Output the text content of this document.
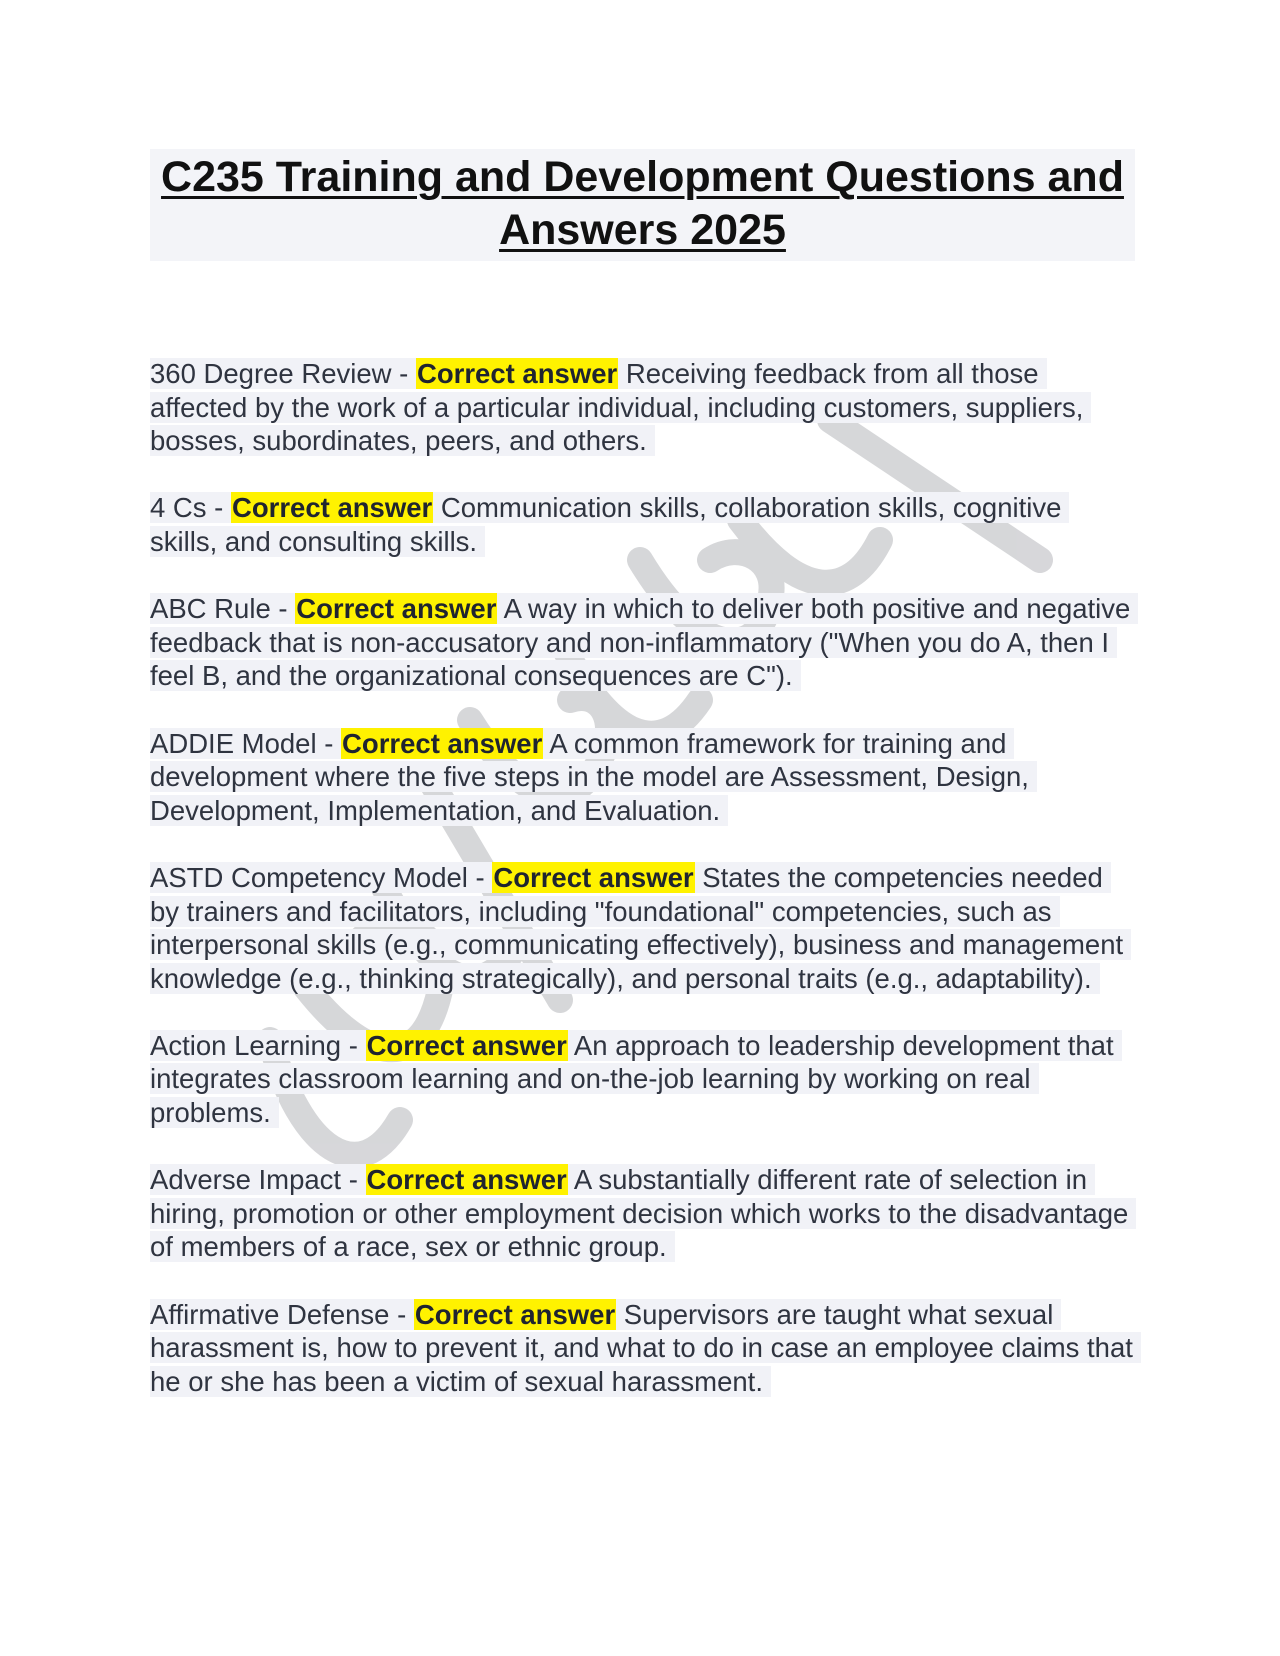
C235 Training and Development Questions and Answers 2025

360 Degree Review - Correct answer Receiving feedback from all those affected by the work of a particular individual, including customers, suppliers, bosses, subordinates, peers, and others.

4 Cs - Correct answer Communication skills, collaboration skills, cognitive skills, and consulting skills.

ABC Rule - Correct answer A way in which to deliver both positive and negative feedback that is non-accusatory and non-inflammatory ("When you do A, then I feel B, and the organizational consequences are C").

ADDIE Model - Correct answer A common framework for training and development where the five steps in the model are Assessment, Design, Development, Implementation, and Evaluation.

ASTD Competency Model - Correct answer States the competencies needed by trainers and facilitators, including "foundational" competencies, such as interpersonal skills (e.g., communicating effectively), business and management knowledge (e.g., thinking strategically), and personal traits (e.g., adaptability).

Action Learning - Correct answer An approach to leadership development that integrates classroom learning and on-the-job learning by working on real problems.

Adverse Impact - Correct answer A substantially different rate of selection in hiring, promotion or other employment decision which works to the disadvantage of members of a race, sex or ethnic group.

Affirmative Defense - Correct answer Supervisors are taught what sexual harassment is, how to prevent it, and what to do in case an employee claims that he or she has been a victim of sexual harassment.
